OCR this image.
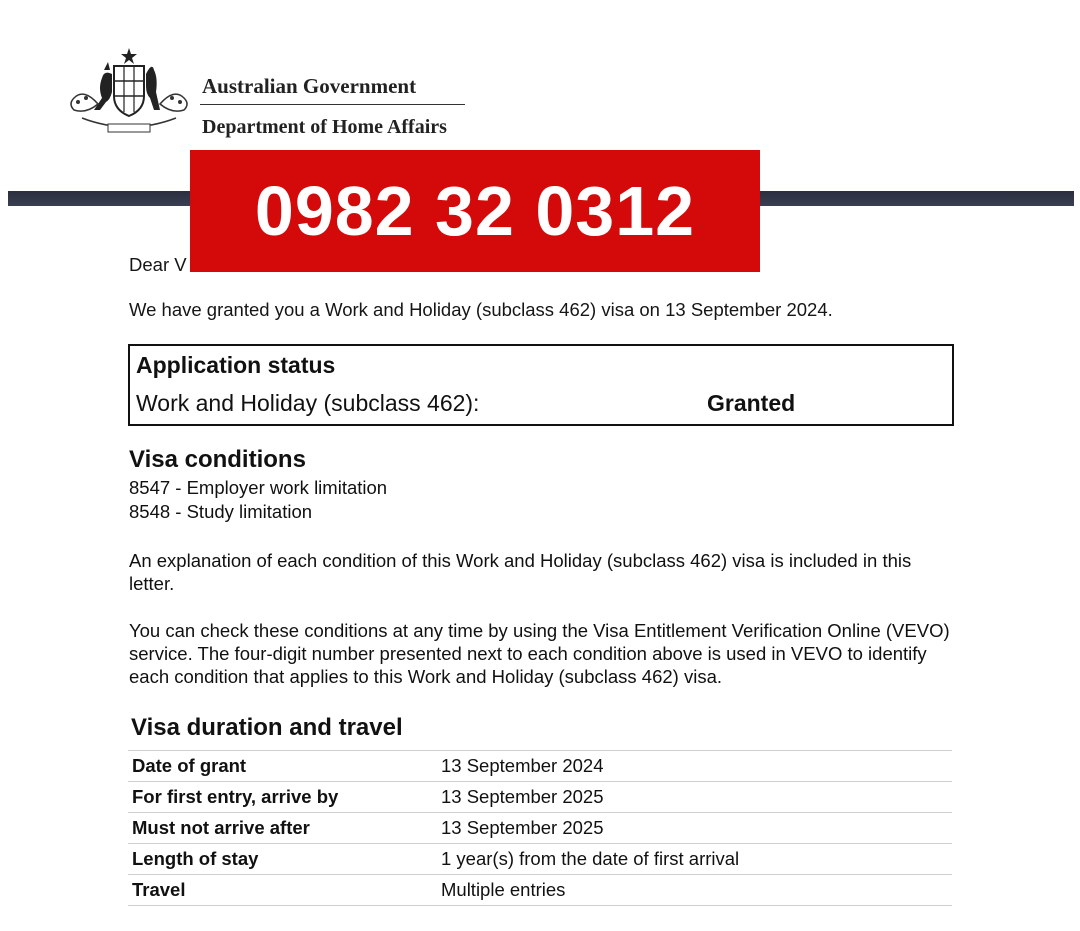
Australian Government
Department of Home Affairs
Dear V
0982 32 0312
We have granted you a Work and Holiday (subclass 462) visa on 13 September 2024.
Application status
Work and Holiday (subclass 462):	Granted
Visa conditions
8547 - Employer work limitation
8548 - Study limitation
An explanation of each condition of this Work and Holiday (subclass 462) visa is included in this letter.
You can check these conditions at any time by using the Visa Entitlement Verification Online (VEVO) service. The four-digit number presented next to each condition above is used in VEVO to identify each condition that applies to this Work and Holiday (subclass 462) visa.
Visa duration and travel
Date of grant	13 September 2024
For first entry, arrive by	13 September 2025
Must not arrive after	13 September 2025
Length of stay	1 year(s) from the date of first arrival
Travel	Multiple entries
